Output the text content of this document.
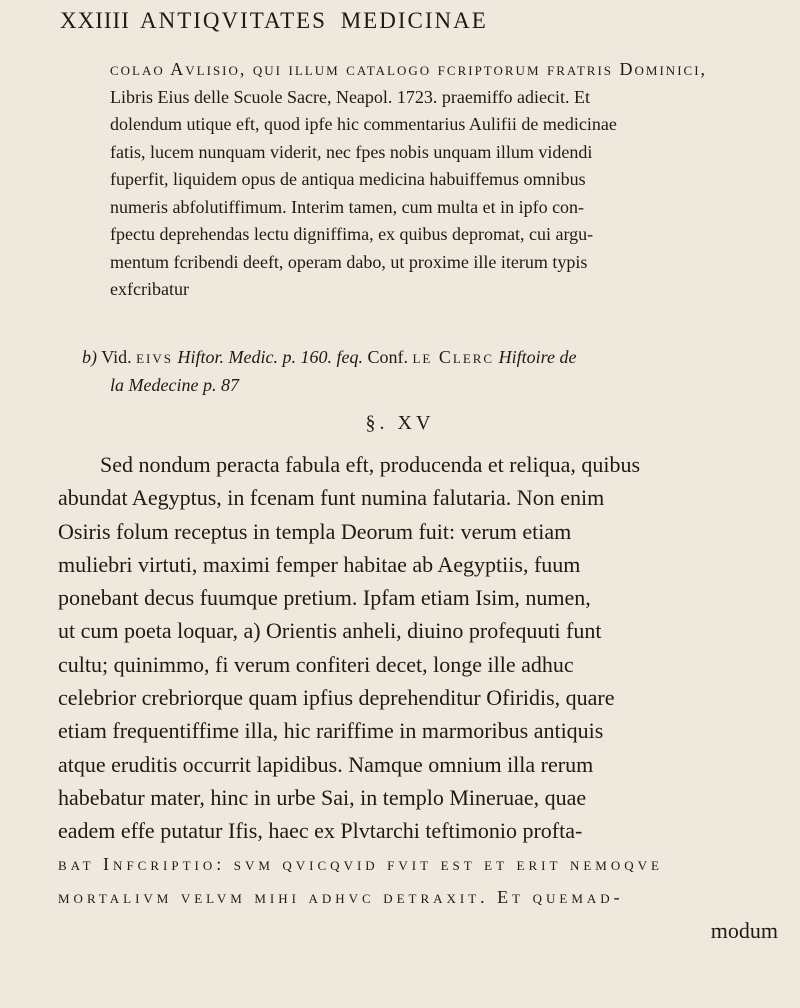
XXIIII ANTIQVITATES MEDICINAE
colao Avlisio, qui illum catalogo fcriptorum fratris Dominici,
Libris Eius delle Scuole Sacre, Neapol. 1723. praemiffo adiecit. Et
dolendum utique eft, quod ipfe hic commentarius Aulifii de medicinae
fatis, lucem nunquam viderit, nec fpes nobis unquam illum videndi
fuperfit, liquidem opus de antiqua medicina habuiffemus omnibus
numeris abfolutiffimum. Interim tamen, cum multa et in ipfo con-
fpectu deprehendas lectu digniffima, ex quibus depromat, cui argu-
mentum fcribendi deeft, operam dabo, ut proxime ille iterum typis
exfcribatur
b) Vid. eivs Hiftor. Medic. p. 160. feq. Conf. le Clerc Hiftoire de
la Medecine p. 87
§. XV
Sed nondum peracta fabula eft, producenda et reliqua, quibus
abundat Aegyptus, in fcenam funt numina falutaria. Non enim
Osiris folum receptus in templa Deorum fuit: verum etiam
muliebri virtuti, maximi femper habitae ab Aegyptiis, fuum
ponebant decus fuumque pretium. Ipfam etiam Isim, numen,
ut cum poeta loquar, a) Orientis anheli, diuino profequuti funt
cultu; quinimmo, fi verum confiteri decet, longe ille adhuc
celebrior crebriorque quam ipfius deprehenditur Ofiridis, quare
etiam frequentiffime illa, hic rariffime in marmoribus antiquis
atque eruditis occurrit lapidibus. Namque omnium illa rerum
habebatur mater, hinc in urbe Sai, in templo Mineruae, quae
eadem effe putatur Ifis, haec ex Plvtarchi teftimonio profta-
bat Infcriptio: svm qvicqvid fvit est et erit nemoqve
mortalivm velvm mihi adhvc detraxit. Et quemad-
modum
